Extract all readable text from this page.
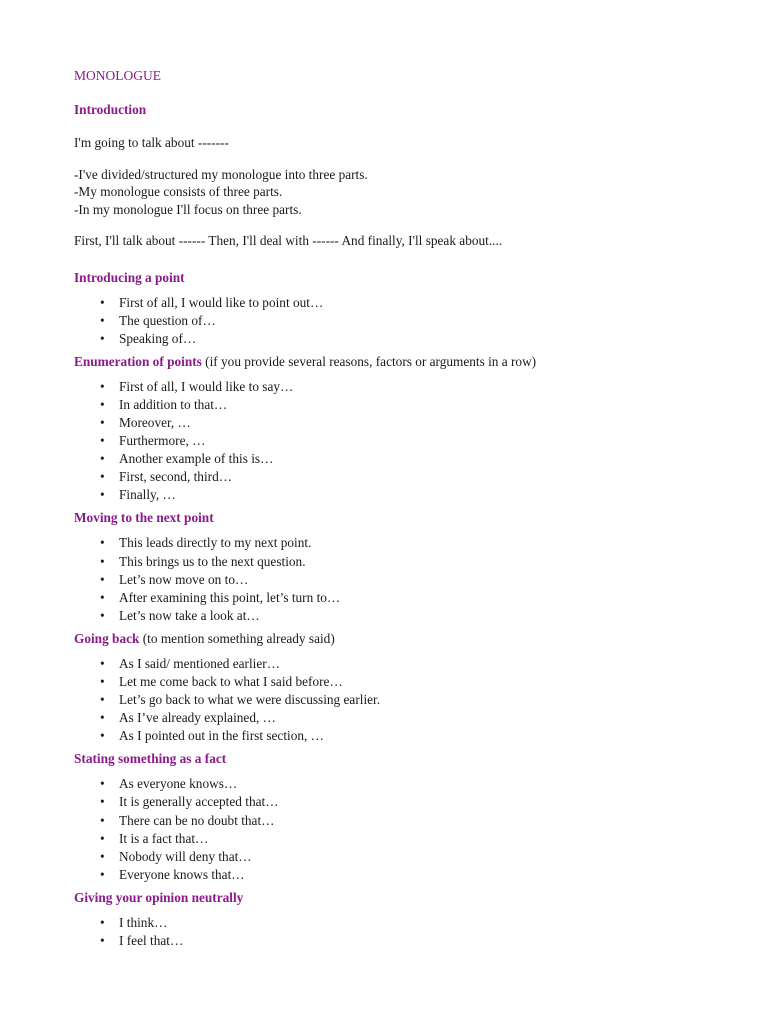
MONOLOGUE

Introduction

I'm going to talk about -------

-I've divided/structured my monologue into three parts.

-My monologue consists of three parts.

-In my monologue I'll focus on three parts.

First, I'll talk about ------ Then, I'll deal with ------ And finally, I'll speak about....

Introducing a point

• First of all, I would like to point out…
• The question of…
• Speaking of…

Enumeration of points (if you provide several reasons, factors or arguments in a row)

• First of all, I would like to say…
• In addition to that…
• Moreover, …
• Furthermore, …
• Another example of this is…
• First, second, third…
• Finally, …

Moving to the next point

• This leads directly to my next point.
• This brings us to the next question.
• Let’s now move on to…
• After examining this point, let’s turn to…
• Let’s now take a look at…

Going back (to mention something already said)

• As I said/ mentioned earlier…
• Let me come back to what I said before…
• Let’s go back to what we were discussing earlier.
• As I’ve already explained, …
• As I pointed out in the first section, …

Stating something as a fact

• As everyone knows…
• It is generally accepted that…
• There can be no doubt that…
• It is a fact that…
• Nobody will deny that…
• Everyone knows that…

Giving your opinion neutrally

• I think…
• I feel that…
